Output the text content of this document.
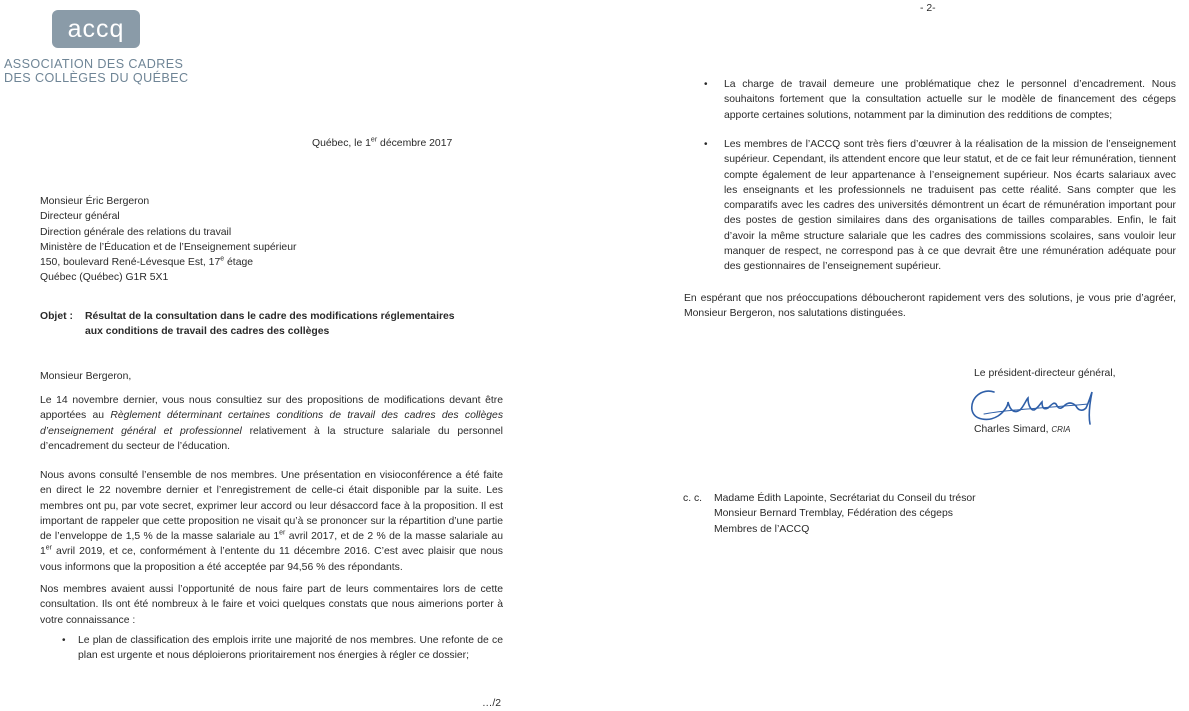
accq
ASSOCIATION DES CADRES
DES COLLÈGES DU QUÉBEC
Québec, le 1er décembre 2017
Monsieur Éric Bergeron
Directeur général
Direction générale des relations du travail
Ministère de l’Éducation et de l’Enseignement supérieur
150, boulevard René-Lévesque Est, 17e étage
Québec (Québec) G1R 5X1
Objet : Résultat de la consultation dans le cadre des modifications réglementaires
aux conditions de travail des cadres des collèges
Monsieur Bergeron,
Le 14 novembre dernier, vous nous consultiez sur des propositions de modifications devant être apportées au Règlement déterminant certaines conditions de travail des cadres des collèges d’enseignement général et professionnel relativement à la structure salariale du personnel d’encadrement du secteur de l’éducation.
Nous avons consulté l’ensemble de nos membres. Une présentation en visioconférence a été faite en direct le 22 novembre dernier et l’enregistrement de celle-ci était disponible par la suite. Les membres ont pu, par vote secret, exprimer leur accord ou leur désaccord face à la proposition. Il est important de rappeler que cette proposition ne visait qu’à se prononcer sur la répartition d’une partie de l’enveloppe de 1,5 % de la masse salariale au 1er avril 2017, et de 2 % de la masse salariale au 1er avril 2019, et ce, conformément à l’entente du 11 décembre 2016. C’est avec plaisir que nous vous informons que la proposition a été acceptée par 94,56 % des répondants.
Nos membres avaient aussi l’opportunité de nous faire part de leurs commentaires lors de cette consultation. Ils ont été nombreux à le faire et voici quelques constats que nous aimerions porter à votre connaissance :
• Le plan de classification des emplois irrite une majorité de nos membres. Une refonte de ce plan est urgente et nous déploierons prioritairement nos énergies à régler ce dossier;
…/2
- 2-
• La charge de travail demeure une problématique chez le personnel d’encadrement. Nous souhaitons fortement que la consultation actuelle sur le modèle de financement des cégeps apporte certaines solutions, notamment par la diminution des redditions de comptes;
• Les membres de l’ACCQ sont très fiers d’œuvrer à la réalisation de la mission de l’enseignement supérieur. Cependant, ils attendent encore que leur statut, et de ce fait leur rémunération, tiennent compte également de leur appartenance à l’enseignement supérieur. Nos écarts salariaux avec les enseignants et les professionnels ne traduisent pas cette réalité. Sans compter que les comparatifs avec les cadres des universités démontrent un écart de rémunération important pour des postes de gestion similaires dans des organisations de tailles comparables. Enfin, le fait d’avoir la même structure salariale que les cadres des commissions scolaires, sans vouloir leur manquer de respect, ne correspond pas à ce que devrait être une rémunération adéquate pour des gestionnaires de l’enseignement supérieur.
En espérant que nos préoccupations déboucheront rapidement vers des solutions, je vous prie d’agréer, Monsieur Bergeron, nos salutations distinguées.
Le président-directeur général,
Charles Simard, CRIA
c. c. Madame Édith Lapointe, Secrétariat du Conseil du trésor
Monsieur Bernard Tremblay, Fédération des cégeps
Membres de l’ACCQ
